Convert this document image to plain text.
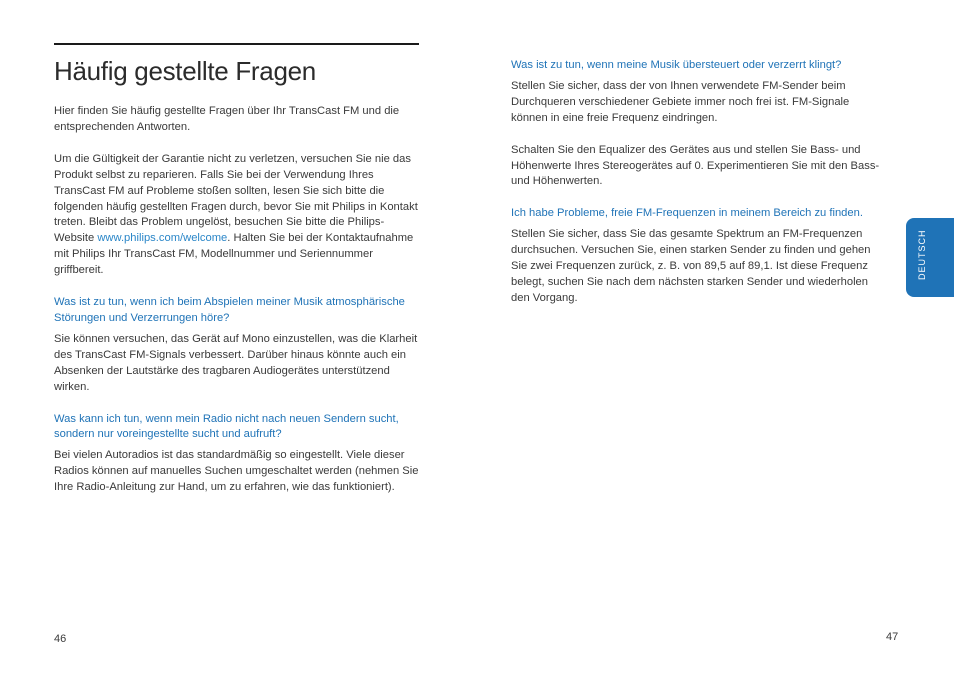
Häufig gestellte Fragen

Hier finden Sie häufig gestellte Fragen über Ihr TransCast FM und die entsprechenden Antworten.

Um die Gültigkeit der Garantie nicht zu verletzen, versuchen Sie nie das Produkt selbst zu reparieren. Falls Sie bei der Verwendung Ihres TransCast FM auf Probleme stoßen sollten, lesen Sie sich bitte die folgenden häufig gestellten Fragen durch, bevor Sie mit Philips in Kontakt treten. Bleibt das Problem ungelöst, besuchen Sie bitte die Philips-Website www.philips.com/welcome. Halten Sie bei der Kontaktaufnahme mit Philips Ihr TransCast FM, Modellnummer und Seriennummer griffbereit.

Was ist zu tun, wenn ich beim Abspielen meiner Musik atmosphärische Störungen und Verzerrungen höre?

Sie können versuchen, das Gerät auf Mono einzustellen, was die Klarheit des TransCast FM-Signals verbessert. Darüber hinaus könnte auch ein Absenken der Lautstärke des tragbaren Audiogerätes unterstützend wirken.

Was kann ich tun, wenn mein Radio nicht nach neuen Sendern sucht, sondern nur voreingestellte sucht und aufruft?

Bei vielen Autoradios ist das standardmäßig so eingestellt. Viele dieser Radios können auf manuelles Suchen umgeschaltet werden (nehmen Sie Ihre Radio-Anleitung zur Hand, um zu erfahren, wie das funktioniert).

Was ist zu tun, wenn meine Musik übersteuert oder verzerrt klingt?

Stellen Sie sicher, dass der von Ihnen verwendete FM-Sender beim Durchqueren verschiedener Gebiete immer noch frei ist. FM-Signale können in eine freie Frequenz eindringen.

Schalten Sie den Equalizer des Gerätes aus und stellen Sie Bass- und Höhenwerte Ihres Stereogerätes auf 0. Experimentieren Sie mit den Bass- und Höhenwerten.

Ich habe Probleme, freie FM-Frequenzen in meinem Bereich zu finden.

Stellen Sie sicher, dass Sie das gesamte Spektrum an FM-Frequenzen durchsuchen. Versuchen Sie, einen starken Sender zu finden und gehen Sie zwei Frequenzen zurück, z. B. von 89,5 auf 89,1. Ist diese Frequenz belegt, suchen Sie nach dem nächsten starken Sender und wiederholen den Vorgang.

46	47
DEUTSCH
